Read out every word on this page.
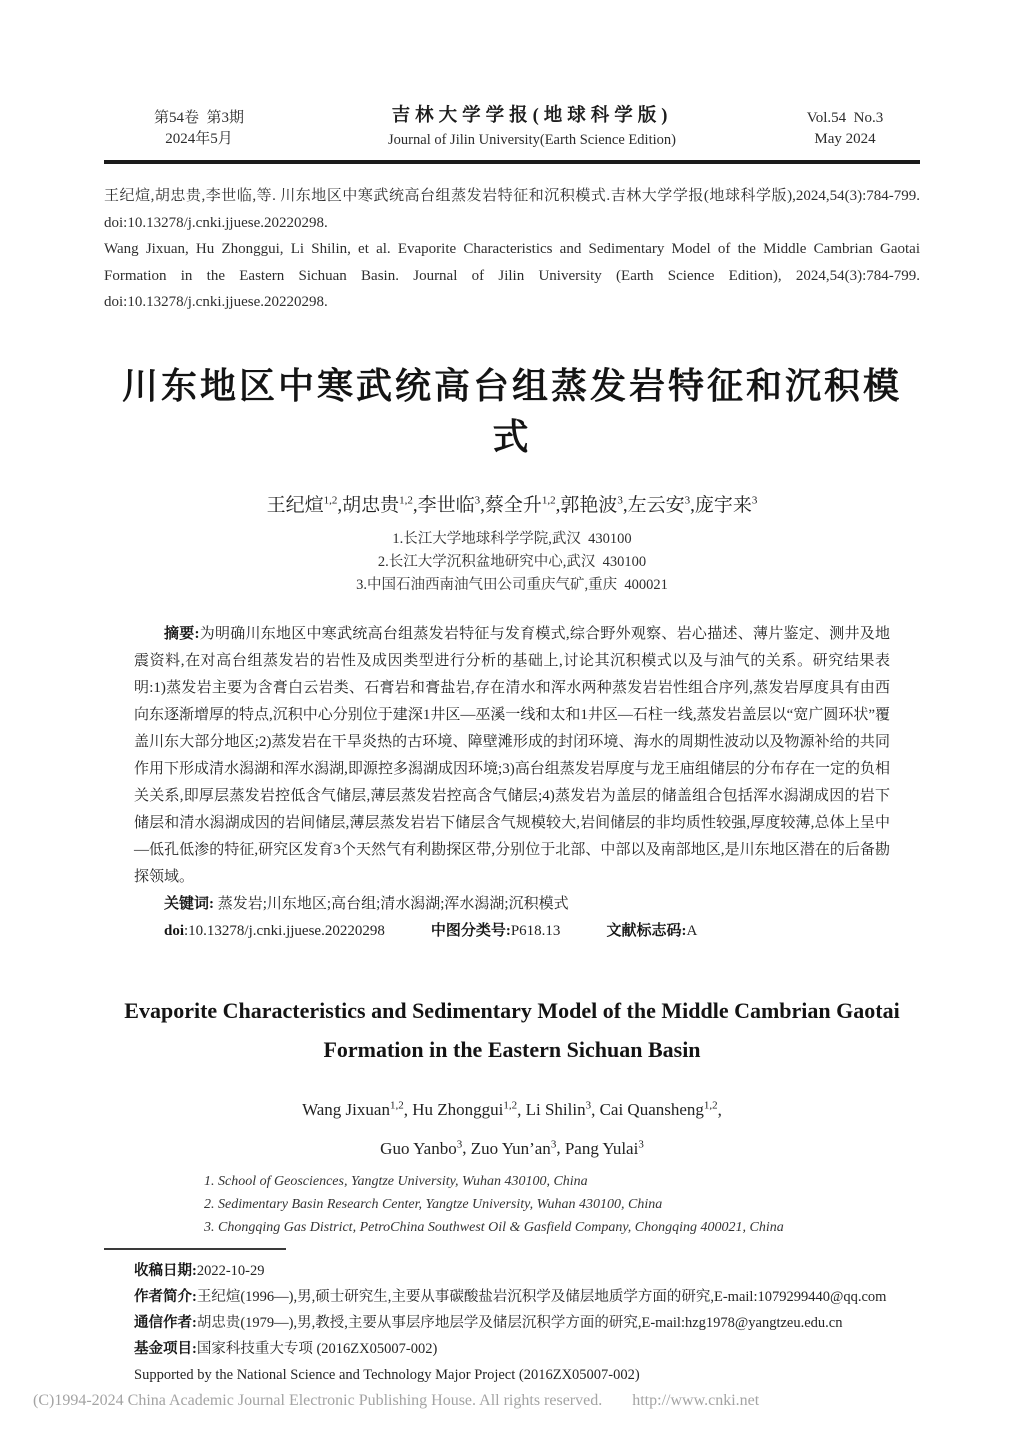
第54卷  第3期
2024年5月
吉林大学学报(地球科学版)
Journal of Jilin University(Earth Science Edition)
Vol.54  No.3
May 2024

王纪煊,胡忠贵,李世临,等. 川东地区中寒武统高台组蒸发岩特征和沉积模式.吉林大学学报(地球科学版),2024,54(3):784-799. doi:10.13278/j.cnki.jjuese.20220298.

Wang Jixuan, Hu Zhonggui, Li Shilin, et al. Evaporite Characteristics and Sedimentary Model of the Middle Cambrian Gaotai Formation in the Eastern Sichuan Basin. Journal of Jilin University (Earth Science Edition), 2024,54(3):784-799. doi:10.13278/j.cnki.jjuese.20220298.

川东地区中寒武统高台组蒸发岩特征和沉积模式
王纪煊$^{1,2}$,胡忠贵$^{1,2}$,李世临$^3$,蔡全升$^{1,2}$,郭艳波$^3$,左云安$^3$,庞宇来$^3$
1.长江大学地球科学学院,武汉  430100
2.长江大学沉积盆地研究中心,武汉  430100
3.中国石油西南油气田公司重庆气矿,重庆  400021

摘要:为明确川东地区中寒武统高台组蒸发岩特征与发育模式,综合野外观察、岩心描述、薄片鉴定、测井及地震资料,在对高台组蒸发岩的岩性及成因类型进行分析的基础上,讨论其沉积模式以及与油气的关系。研究结果表明:1)蒸发岩主要为含膏白云岩类、石膏岩和膏盐岩,存在清水和浑水两种蒸发岩岩性组合序列,蒸发岩厚度具有由西向东逐渐增厚的特点,沉积中心分别位于建深1井区—巫溪一线和太和1井区—石柱一线,蒸发岩盖层以“宽广圆环状”覆盖川东大部分地区;2)蒸发岩在干旱炎热的古环境、障壁滩形成的封闭环境、海水的周期性波动以及物源补给的共同作用下形成清水潟湖和浑水潟湖,即源控多潟湖成因环境;3)高台组蒸发岩厚度与龙王庙组储层的分布存在一定的负相关关系,即厚层蒸发岩控低含气储层,薄层蒸发岩控高含气储层;4)蒸发岩为盖层的储盖组合包括浑水潟湖成因的岩下储层和清水潟湖成因的岩间储层,薄层蒸发岩岩下储层含气规模较大,岩间储层的非均质性较强,厚度较薄,总体上呈中—低孔低渗的特征,研究区发育3个天然气有利勘探区带,分别位于北部、中部以及南部地区,是川东地区潜在的后备勘探领域。

关键词: 蒸发岩;川东地区;高台组;清水潟湖;浑水潟湖;沉积模式

doi:10.13278/j.cnki.jjuese.20220298	中图分类号:P618.13	文献标志码:A

Evaporite Characteristics and Sedimentary Model of the Middle Cambrian Gaotai Formation in the Eastern Sichuan Basin
Wang Jixuan$^{1,2}$, Hu Zhonggui$^{1,2}$, Li Shilin$^3$, Cai Quansheng$^{1,2}$,
Guo Yanbo$^3$, Zuo $Yun’an^3$, Pang Yulai$^3$
1. School of Geosciences, Yangtze University, Wuhan 430100, China
2. Sedimentary Basin Research Center, Yangtze University, Wuhan 430100, China
3. Chongqing Gas District, PetroChina Southwest Oil & Gasfield Company, Chongqing 400021, China

收稿日期:2022-10-29

作者简介:王纪煊(1996—),男,硕士研究生,主要从事碳酸盐岩沉积学及储层地质学方面的研究,E-mail:1079299440@qq.com

通信作者:胡忠贵(1979—),男,教授,主要从事层序地层学及储层沉积学方面的研究,E-mail:hzg1978@yangtzeu.edu.cn

基金项目:国家科技重大专项 (2016ZX05007-002)

Supported by the National Science and Technology Major Project (2016ZX05007-002)

(C)1994-2024 China Academic Journal Electronic Publishing House. All rights reserved. http://www.cnki.net
